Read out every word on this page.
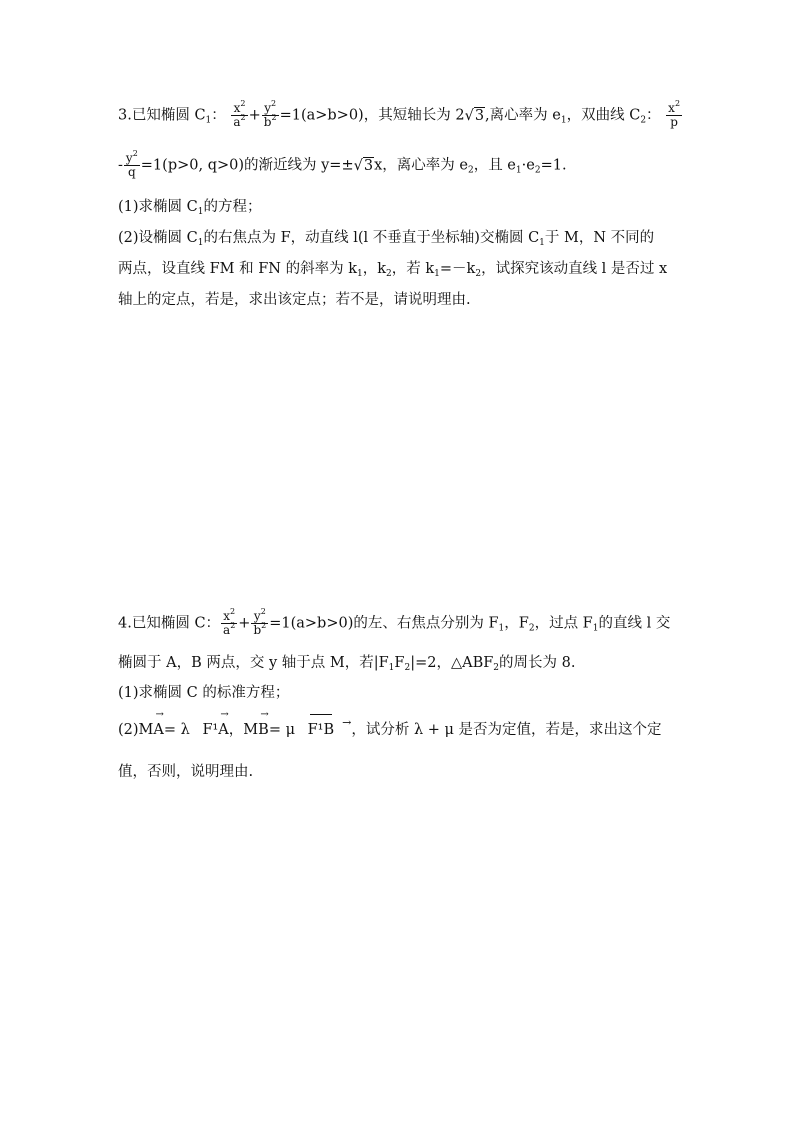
3.已知椭圆 $C_1$： $\frac{x^2}{a^2} + \frac{y^2}{b^2} =1(a>b>0)$，其短轴长为 2√3,离心率为 $e_1$，双曲线 $C_2$： $\frac{x^2}{p}$
- $\frac{y^2}{q} =1(p>0$, q>0)的渐近线为 y=±√3x，离心率为 $e_2$，且 $e_1\cdot e_2=1$.
(1)求椭圆 $C_1$的方程；
(2)设椭圆 $C_1$的右焦点为 F，动直线 l(l 不垂直于坐标轴)交椭圆 $C_1$于 M，N 不同的
两点，设直线 FM 和 FN 的斜率为 $k_1$，$k_2$，若 $k_1=-k_2$，试探究该动直线 l 是否过 x
轴上的定点，若是，求出该定点；若不是，请说明理由.
4.已知椭圆 C： $\frac{x^2}{a^2} + \frac{y^2}{b^2} =1(a>b>0)$的左、右焦点分别为 $F_1$，$F_2$，过点 $F_1$的直线 l 交
椭圆于 A，B 两点，交 y 轴于点 M，若$|F_1F_2|=2$，$\triangle ABF_2$的周长为 8.
(1)求椭圆 C 的标准方程；
(2)
→
MA= λ
→
F¹A，
→
MB= μ
F¹B →，试分析 λ + μ 是否为定值，若是，求出这个定
值，否则，说明理由.
